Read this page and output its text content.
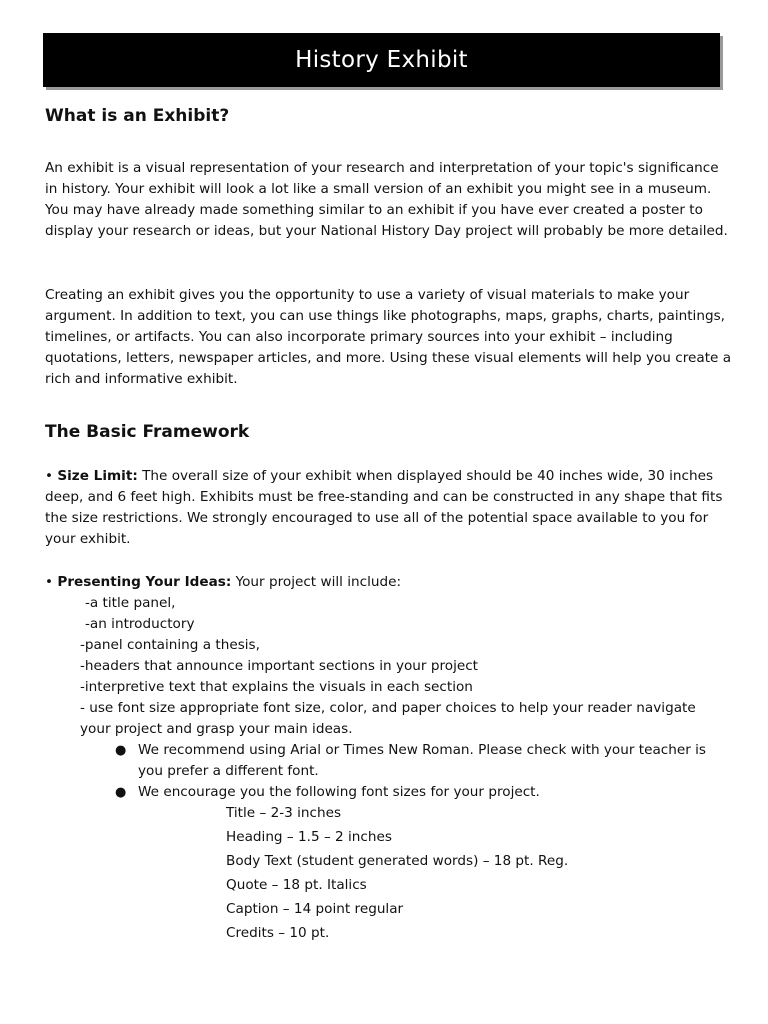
History Exhibit
What is an Exhibit?

An exhibit is a visual representation of your research and interpretation of your topic's significance in history. Your exhibit will look a lot like a small version of an exhibit you might see in a museum. You may have already made something similar to an exhibit if you have ever created a poster to display your research or ideas, but your National History Day project will probably be more detailed.

Creating an exhibit gives you the opportunity to use a variety of visual materials to make your argument. In addition to text, you can use things like photographs, maps, graphs, charts, paintings, timelines, or artifacts. You can also incorporate primary sources into your exhibit – including quotations, letters, newspaper articles, and more. Using these visual elements will help you create a rich and informative exhibit.

The Basic Framework

• Size Limit: The overall size of your exhibit when displayed should be 40 inches wide, 30 inches deep, and 6 feet high. Exhibits must be free-standing and can be constructed in any shape that fits the size restrictions. We strongly encouraged to use all of the potential space available to you for your exhibit.

• Presenting Your Ideas: Your project will include:

-a title panel,

-an introductory

-panel containing a thesis,

-headers that announce important sections in your project

-interpretive text that explains the visuals in each section

- use font size appropriate font size, color, and paper choices to help your reader navigate

your project and grasp your main ideas.

● We recommend using Arial or Times New Roman. Please check with your teacher is

you prefer a different font.

● We encourage you the following font sizes for your project.

Title – 2-3 inches

Heading – 1.5 – 2 inches

Body Text (student generated words) – 18 pt. Reg.

Quote – 18 pt. Italics

Caption – 14 point regular

Credits – 10 pt.
